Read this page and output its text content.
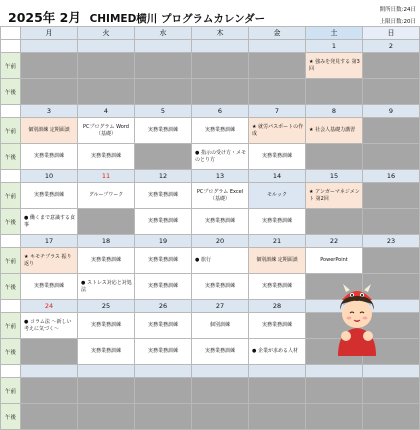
2025年 2月 CHIMED横川 プログラムカレンダー
開所日数:24日
上限日数:20日
	月	火	水	木	金	土	日
						1	2
午前						★ 強みを発見する 第3回	
午後							
	3	4	5	6	7	8	9
午前	個別訓練 定期面談	PCプログラム Word（基礎）	実務業務訓練	実務業務訓練	★ 就労パスポートの作成	★ 社会人基礎力講習	
午後	実務業務訓練	実務業務訓練		● 指示の受け方・メモのとり方	実務業務訓練		
	10	11	12	13	14	15	16
午前	実務業務訓練	グループワーク	実務業務訓練	PCプログラム Excel（基礎）	モルック	★ アンガーマネジメント 第2回	
午後	● 働くまで意識する食事		実務業務訓練	実務業務訓練	実務業務訓練		
	17	18	19	20	21	22	23
午前	★ キモチプラス 振り返り	実務業務訓練	実務業務訓練	● 旅行	個別訓練 定期面談	PowerPoint	
午後	実務業務訓練	● ストレス対応と対処法	実務業務訓練	実務業務訓練	実務業務訓練		
	24	25	26	27	28		
午前	● コラム法 ～新しい考えに気づく～	実務業務訓練	実務業務訓練	個別訓練	実務業務訓練		
午後		実務業務訓練	実務業務訓練	実務業務訓練	● 企業が求める人材		

午前							
午後							
